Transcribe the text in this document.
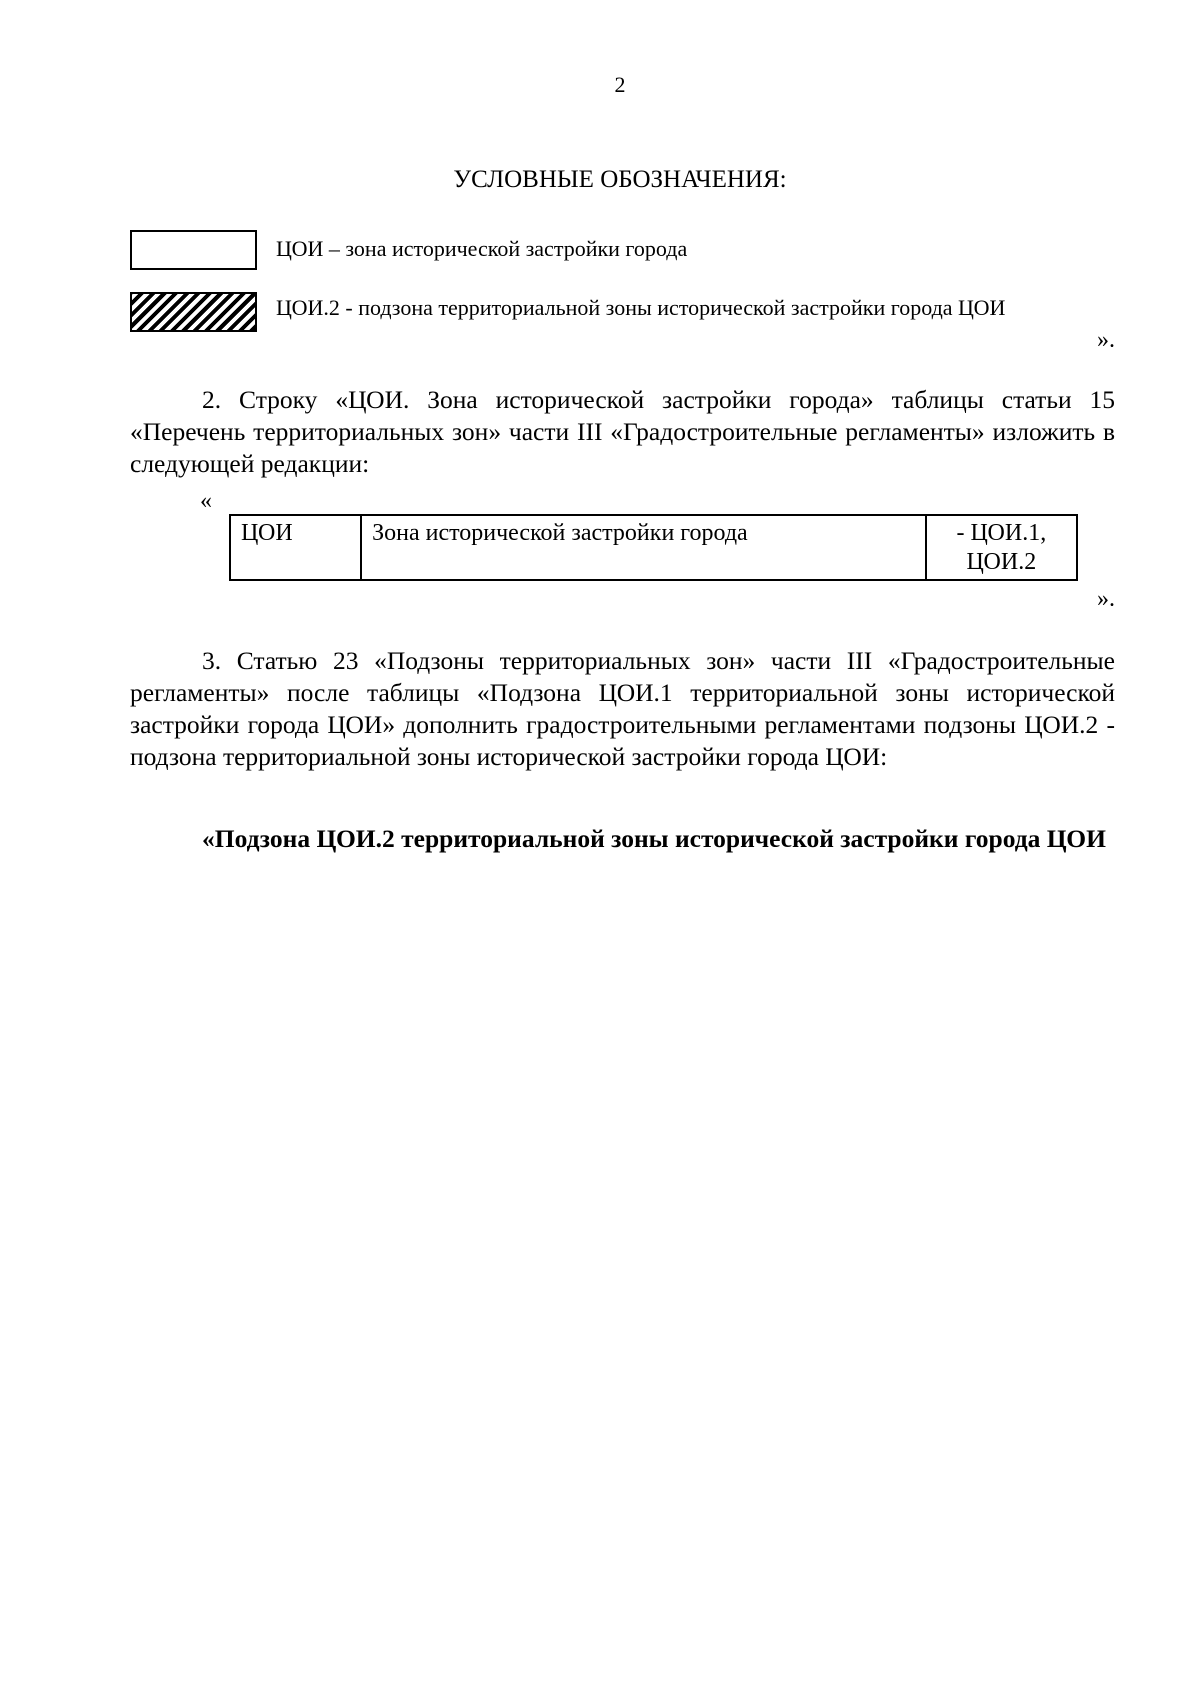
2
УСЛОВНЫЕ ОБОЗНАЧЕНИЯ:
ЦОИ – зона исторической застройки города
ЦОИ.2 - подзона территориальной зоны исторической застройки города ЦОИ
».

2. Строку «ЦОИ. Зона исторической застройки города» таблицы статьи 15 «Перечень территориальных зон» части III «Градостроительные регламенты» изложить в следующей редакции:

«
ЦОИ	Зона исторической застройки города	- ЦОИ.1,
ЦОИ.2
».

3. Статью 23 «Подзоны территориальных зон» части III «Градостроительные регламенты» после таблицы «Подзона ЦОИ.1 территориальной зоны исторической застройки города ЦОИ» дополнить градостроительными регламентами подзоны ЦОИ.2 - подзона территориальной зоны исторической застройки города ЦОИ:

«Подзона ЦОИ.2 территориальной зоны исторической застройки города ЦОИ
